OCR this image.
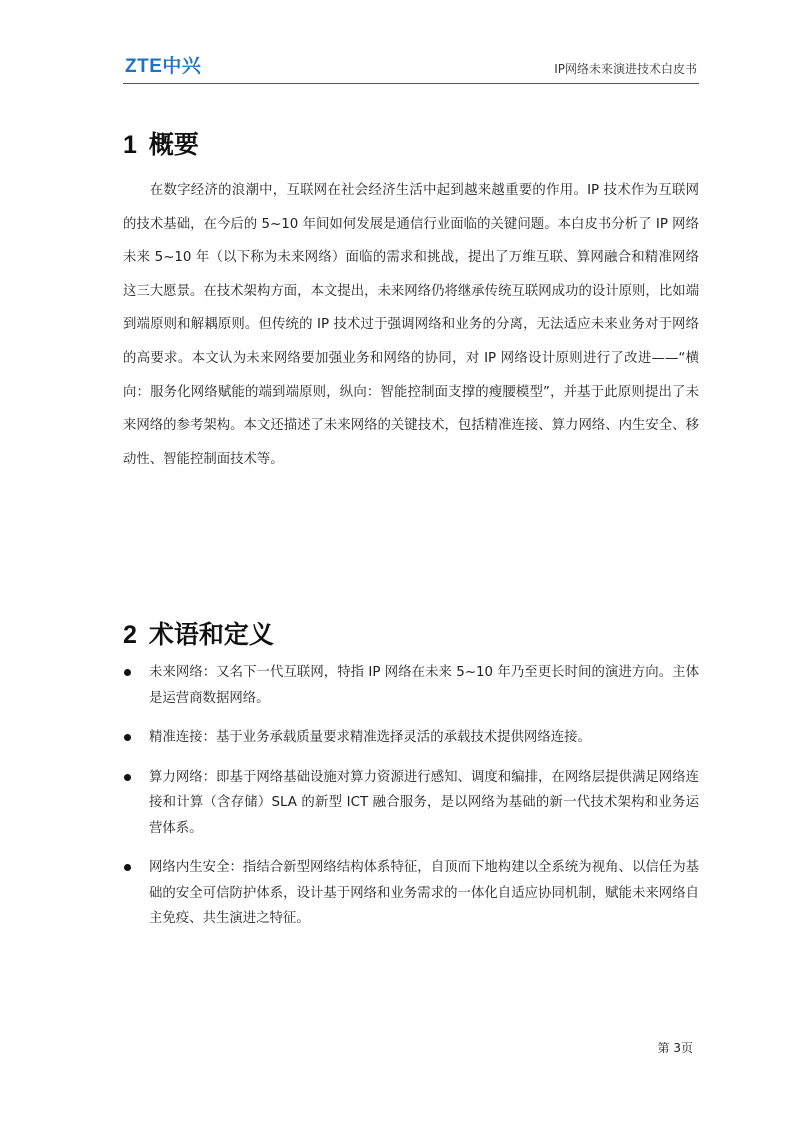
ZTE中兴	IP网络未来演进技术白皮书
1 概要

在数字经济的浪潮中，互联网在社会经济生活中起到越来越重要的作用。IP 技术作为互联网的技术基础，在今后的 5~10 年间如何发展是通信行业面临的关键问题。本白皮书分析了 IP 网络未来 5~10 年（以下称为未来网络）面临的需求和挑战，提出了万维互联、算网融合和精准网络这三大愿景。在技术架构方面，本文提出，未来网络仍将继承传统互联网成功的设计原则，比如端到端原则和解耦原则。但传统的 IP 技术过于强调网络和业务的分离，无法适应未来业务对于网络的高要求。本文认为未来网络要加强业务和网络的协同，对 IP 网络设计原则进行了改进——“横向：服务化网络赋能的端到端原则，纵向：智能控制面支撑的瘦腰模型”，并基于此原则提出了未来网络的参考架构。本文还描述了未来网络的关键技术，包括精准连接、算力网络、内生安全、移动性、智能控制面技术等。

2 术语和定义
未来网络：又名下一代互联网，特指 IP 网络在未来 5~10 年乃至更长时间的演进方向。主体是运营商数据网络。
精准连接：基于业务承载质量要求精准选择灵活的承载技术提供网络连接。
算力网络：即基于网络基础设施对算力资源进行感知、调度和编排，在网络层提供满足网络连接和计算（含存储）SLA 的新型 ICT 融合服务，是以网络为基础的新一代技术架构和业务运营体系。
网络内生安全：指结合新型网络结构体系特征，自顶而下地构建以全系统为视角、以信任为基础的安全可信防护体系，设计基于网络和业务需求的一体化自适应协同机制，赋能未来网络自主免疫、共生演进之特征。
第 3页
